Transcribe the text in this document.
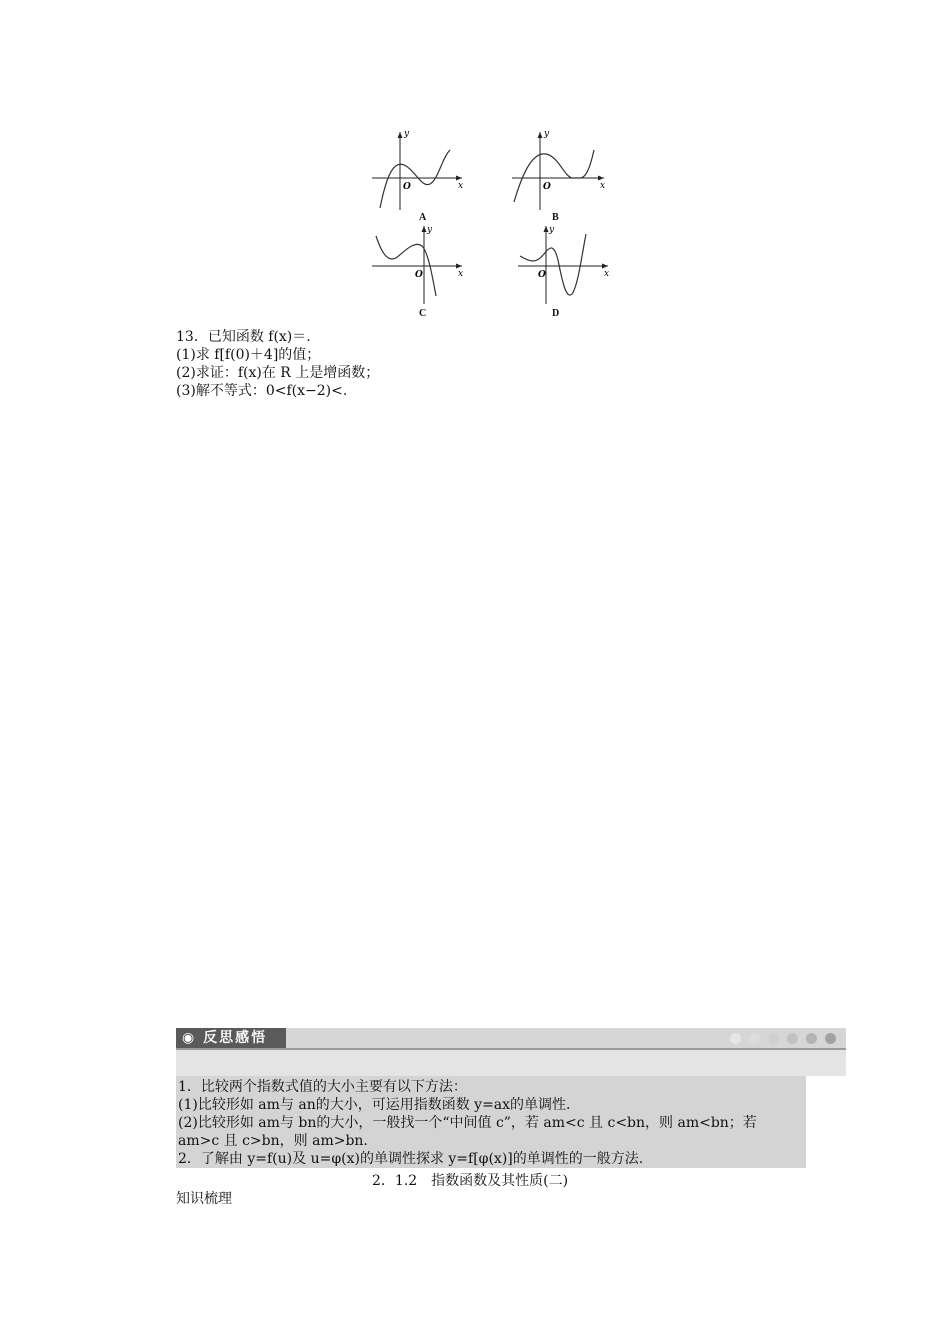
y
x
O
A
y
x
O
B
y
x
O
C
y
x
O
D
13．已知函数 f(x)＝.
(1)求 f[f(0)＋4]的值；
(2)求证：f(x)在 R 上是增函数；
(3)解不等式：0<f(x−2)<.
◉ 反思感悟
1．比较两个指数式值的大小主要有以下方法：
(1)比较形如 am与 an的大小，可运用指数函数 y=ax的单调性.
(2)比较形如 am与 bn的大小，一般找一个“中间值 c”，若 am<c 且 c<bn，则 am<bn；若
am>c 且 c>bn，则 am>bn.
2．了解由 y=f(u)及 u=φ(x)的单调性探求 y=f[φ(x)]的单调性的一般方法.
2．1.2　指数函数及其性质(二)
知识梳理
